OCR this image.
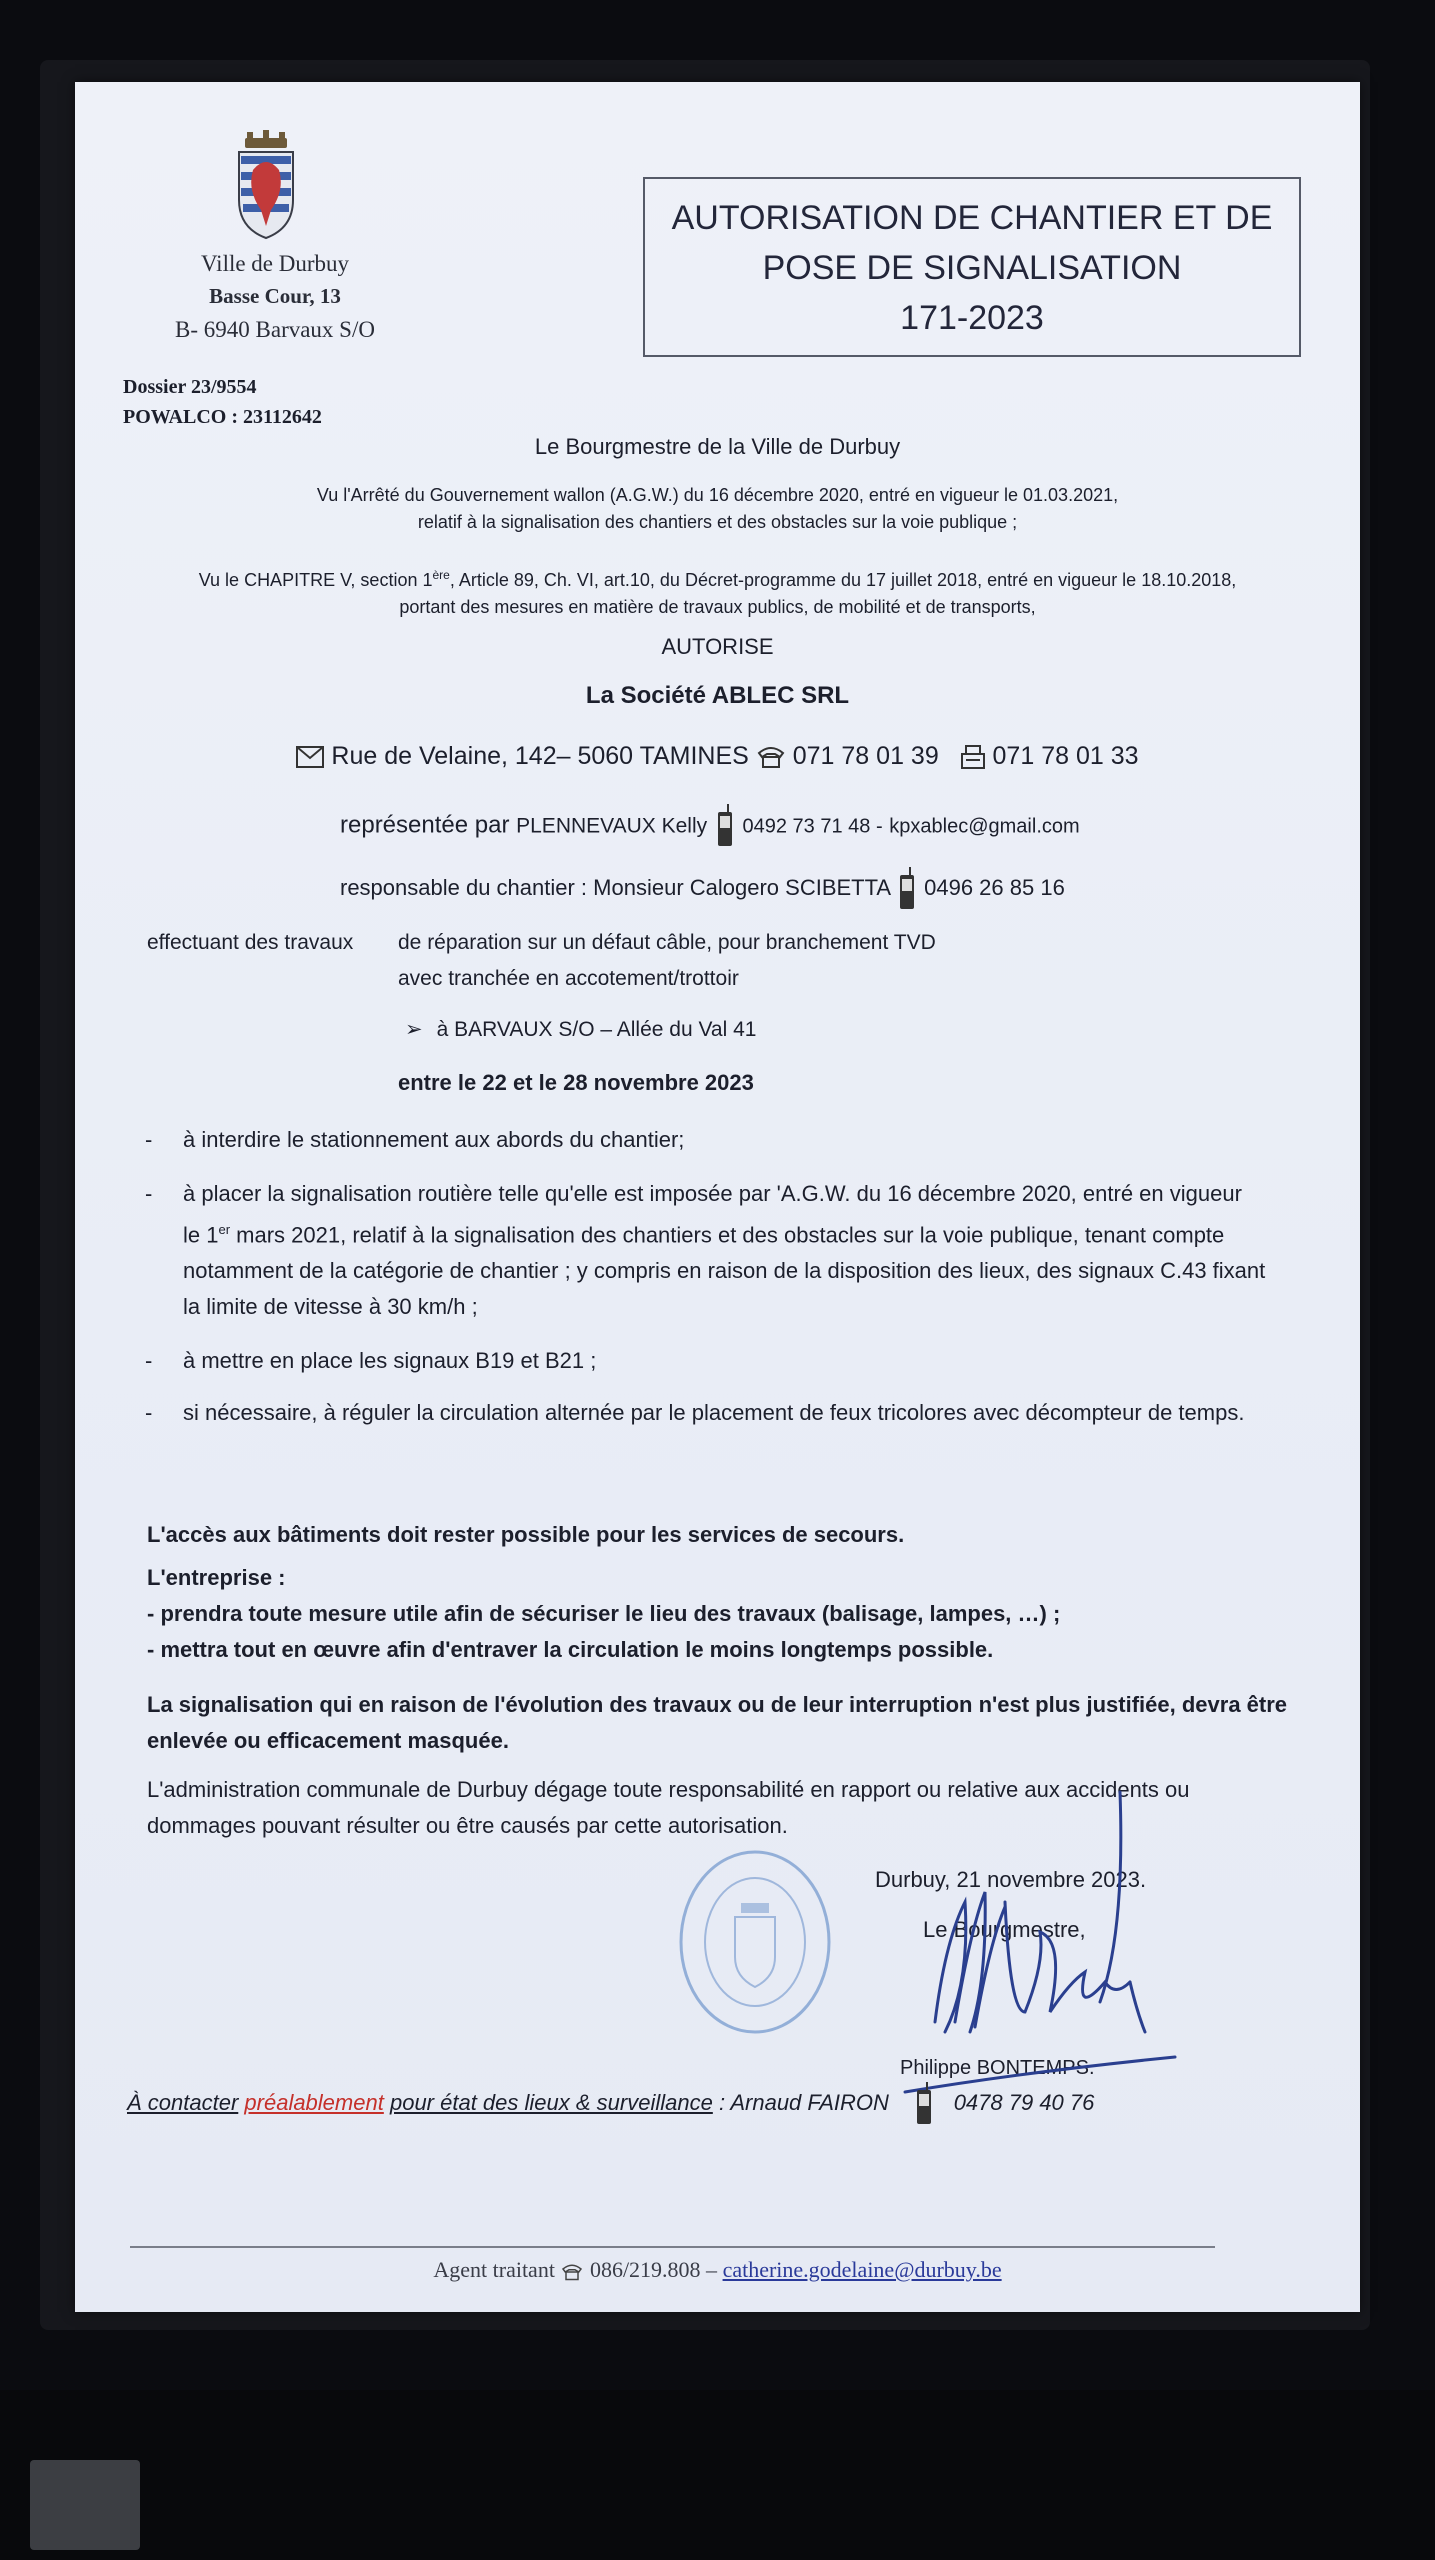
Ville de Durbuy
Basse Cour, 13
B- 6940 Barvaux S/O
AUTORISATION DE CHANTIER ET DE
POSE DE SIGNALISATION
171-2023
Dossier 23/9554
POWALCO : 23112642
Le Bourgmestre de la Ville de Durbuy
Vu l'Arrêté du Gouvernement wallon (A.G.W.) du 16 décembre 2020, entré en vigueur le 01.03.2021,
relatif à la signalisation des chantiers et des obstacles sur la voie publique ;
Vu le CHAPITRE V, section 1ère, Article 89, Ch. VI, art.10, du Décret-programme du 17 juillet 2018, entré en vigueur le 18.10.2018,
portant des mesures en matière de travaux publics, de mobilité et de transports,
AUTORISE
La Société ABLEC SRL
Rue de Velaine, 142– 5060 TAMINES 071 78 01 39 071 78 01 33
représentée par PLENNEVAUX Kelly 0492 73 71 48 - kpxablec@gmail.com
responsable du chantier : Monsieur Calogero SCIBETTA 0496 26 85 16
effectuant des travaux de réparation sur un défaut câble, pour branchement TVD
avec tranchée en accotement/trottoir
➢ à BARVAUX S/O – Allée du Val 41
entre le 22 et le 28 novembre 2023
- à interdire le stationnement aux abords du chantier;
- à placer la signalisation routière telle qu'elle est imposée par 'A.G.W. du 16 décembre 2020, entré en vigueur
le 1er mars 2021, relatif à la signalisation des chantiers et des obstacles sur la voie publique, tenant compte
notamment de la catégorie de chantier ; y compris en raison de la disposition des lieux, des signaux C.43 fixant
la limite de vitesse à 30 km/h ;
- à mettre en place les signaux B19 et B21 ;
- si nécessaire, à réguler la circulation alternée par le placement de feux tricolores avec décompteur de temps.
L'accès aux bâtiments doit rester possible pour les services de secours.
L'entreprise :
- prendra toute mesure utile afin de sécuriser le lieu des travaux (balisage, lampes, …) ;
- mettra tout en œuvre afin d'entraver la circulation le moins longtemps possible.
La signalisation qui en raison de l'évolution des travaux ou de leur interruption n'est plus justifiée, devra être
enlevée ou efficacement masquée.
L'administration communale de Durbuy dégage toute responsabilité en rapport ou relative aux accidents ou
dommages pouvant résulter ou être causés par cette autorisation.
Durbuy, 21 novembre 2023.
Le Bourgmestre,
Philippe BONTEMPS.
À contacter préalablement pour état des lieux & surveillance : Arnaud FAIRON	0478 79 40 76
Agent traitant 086/219.808 – catherine.godelaine@durbuy.be
